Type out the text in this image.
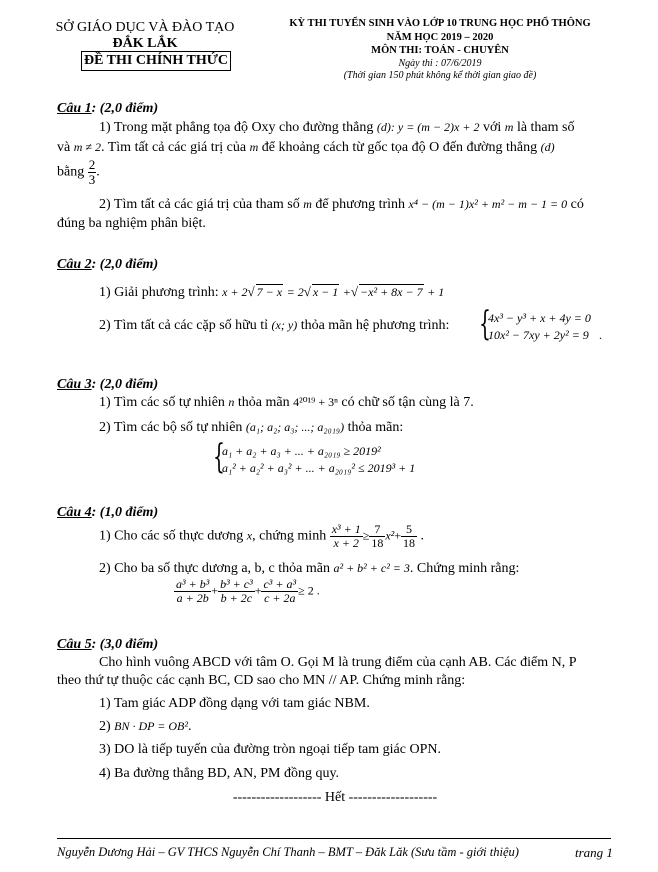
SỞ GIÁO DỤC VÀ ĐÀO TẠO
ĐẮK LẮK
ĐỀ THI CHÍNH THỨC
KỲ THI TUYỂN SINH VÀO LỚP 10 TRUNG HỌC PHỔ THÔNG
NĂM HỌC 2019 – 2020
MÔN THI: TOÁN - CHUYÊN
Ngày thi : 07/6/2019
(Thời gian 150 phút không kể thời gian giao đề)
Câu 1: (2,0 điểm)
1) Trong mặt phẳng tọa độ Oxy cho đường thẳng (d): y = (m − 2)x + 2 với m là tham số
và m ≠ 2. Tìm tất cả các giá trị của m để khoảng cách từ gốc tọa độ O đến đường thẳng (d)
bằng $\frac{2}{3}$ .
2) Tìm tất cả các giá trị của tham số m để phương trình x⁴ − (m − 1)x² + m² − m − 1 = 0 có
đúng ba nghiệm phân biệt.
Câu 2: (2,0 điểm)
1) Giải phương trình: x + 2√ 7 − x = 2√ x − 1 +√ −x² + 8x − 7 + 1
2) Tìm tất cả các cặp số hữu tỉ (x; y) thỏa mãn hệ phương trình: {
4x³ − y³ + x + 4y = 0
10x² − 7xy + 2y² = 9 .
Câu 3: (2,0 điểm)
1) Tìm các số tự nhiên n thỏa mãn 4²⁰¹⁹ + 3ⁿ có chữ số tận cùng là 7.
2) Tìm các bộ số tự nhiên (a₁; a₂; a₃; ...; a₂₀₁₉) thỏa mãn:
{
a₁ + a₂ + a₃ + ... + a₂₀₁₉ ≥ 2019²
a₁² + a₂² + a₃² + ... + a₂₀₁₉² ≤ 2019³ + 1
Câu 4: (1,0 điểm)
1) Cho các số thực dương x, chứng minh $\frac{\text{x³ + 1}}{x + 2} \ge \frac{7}{18} x^2+ \frac{5}{18}$ .
2) Cho ba số thực dương a, b, c thỏa mãn a² + b² + c² = 3. Chứng minh rằng:
$\frac{\text{a³ + b³}}{a + 2b} + \frac{\text{b³ + c³}}{b + 2c} + \frac{\text{c³ + a³}}{c + 2a} \ge 2$ .
Câu 5: (3,0 điểm)
Cho hình vuông ABCD với tâm O. Gọi M là trung điểm của cạnh AB. Các điểm N, P
theo thứ tự thuộc các cạnh BC, CD sao cho MN // AP. Chứng minh rằng:
1) Tam giác ADP đồng dạng với tam giác NBM.
2) BN · DP = OB².
3) DO là tiếp tuyến của đường tròn ngoại tiếp tam giác OPN.
4) Ba đường thẳng BD, AN, PM đồng quy.
------------------- Hết -------------------
Nguyễn Dương Hải – GV THCS Nguyễn Chí Thanh – BMT – Đăk Lăk (Sưu tầm - giới thiệu)	trang 1
